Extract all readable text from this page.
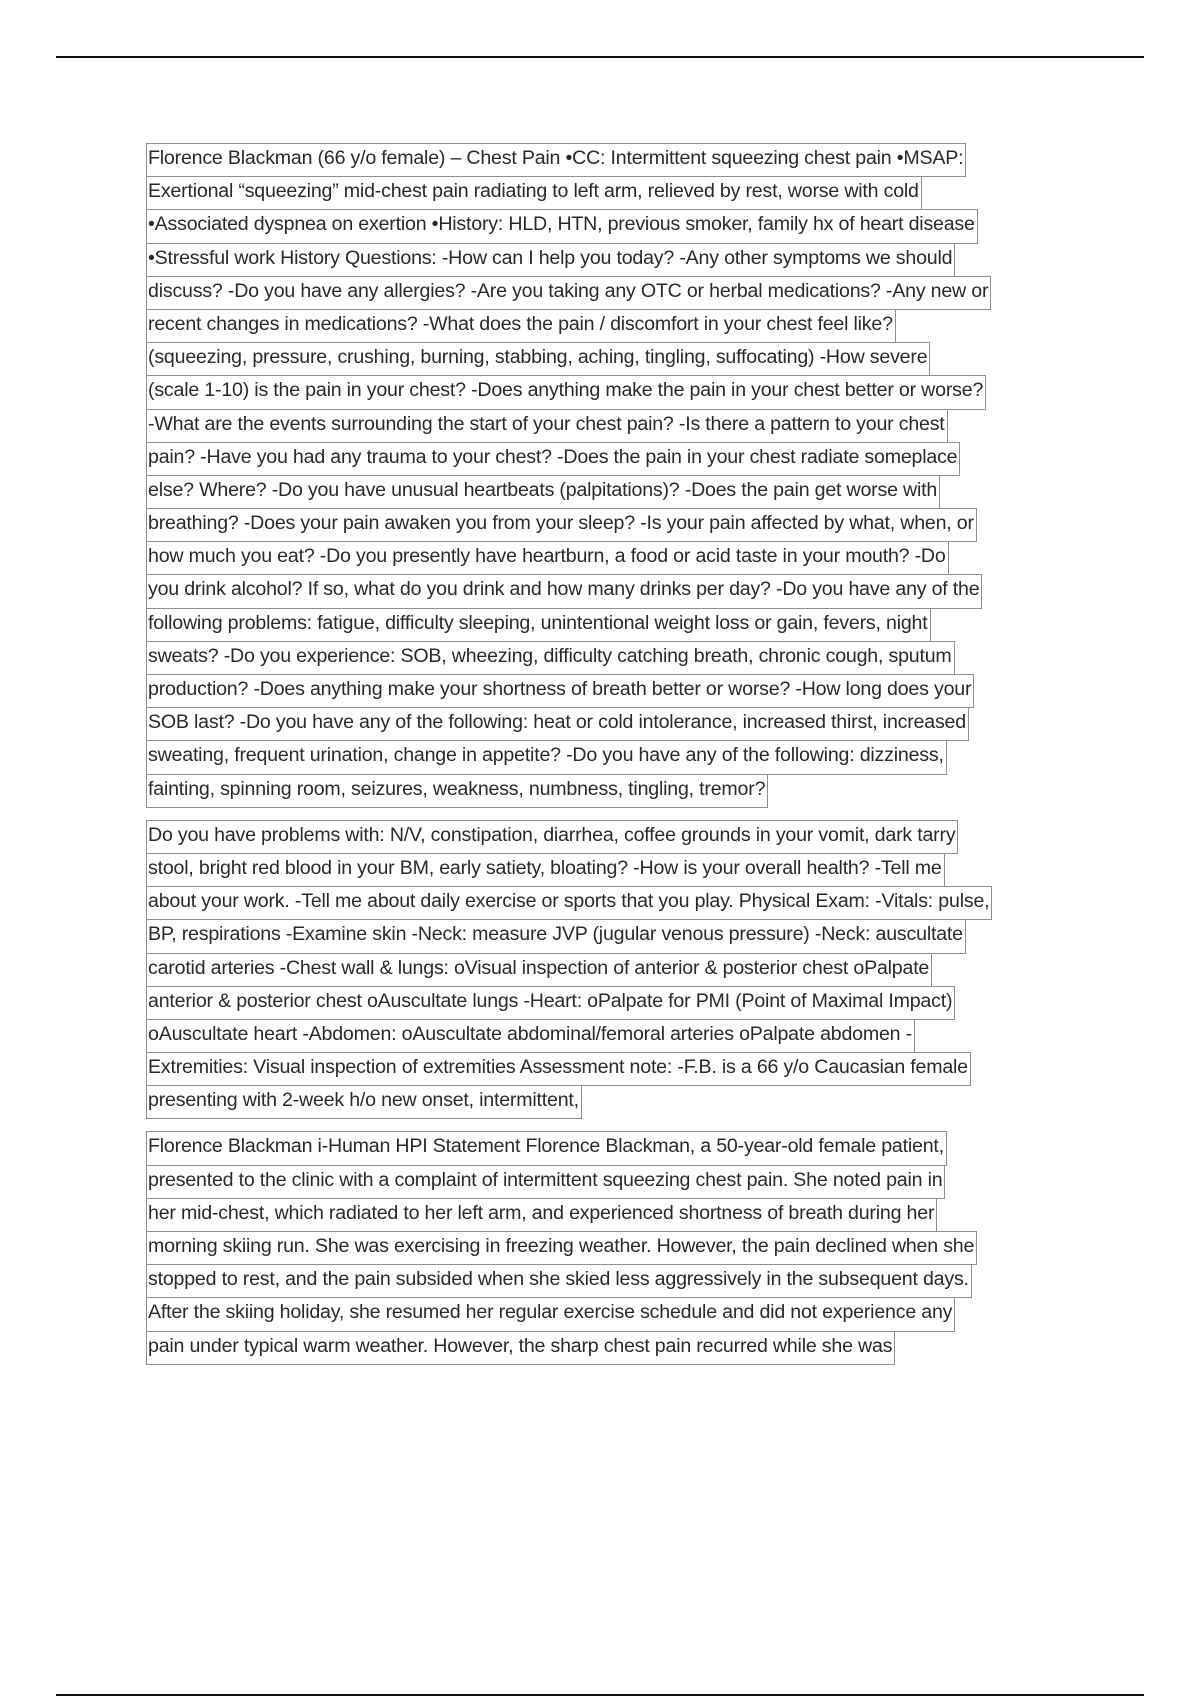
Florence Blackman (66 y/o female) – Chest Pain •CC: Intermittent squeezing chest pain •MSAP:
Exertional “squeezing” mid-chest pain radiating to left arm, relieved by rest, worse with cold
•Associated dyspnea on exertion •History: HLD, HTN, previous smoker, family hx of heart disease
•Stressful work History Questions: -How can I help you today? -Any other symptoms we should
discuss? -Do you have any allergies? -Are you taking any OTC or herbal medications? -Any new or
recent changes in medications? -What does the pain / discomfort in your chest feel like?
(squeezing, pressure, crushing, burning, stabbing, aching, tingling, suffocating) -How severe
(scale 1-10) is the pain in your chest? -Does anything make the pain in your chest better or worse?
-What are the events surrounding the start of your chest pain? -Is there a pattern to your chest
pain? -Have you had any trauma to your chest? -Does the pain in your chest radiate someplace
else? Where? -Do you have unusual heartbeats (palpitations)? -Does the pain get worse with
breathing? -Does your pain awaken you from your sleep? -Is your pain affected by what, when, or
how much you eat? -Do you presently have heartburn, a food or acid taste in your mouth? -Do
you drink alcohol? If so, what do you drink and how many drinks per day? -Do you have any of the
following problems: fatigue, difficulty sleeping, unintentional weight loss or gain, fevers, night
sweats? -Do you experience: SOB, wheezing, difficulty catching breath, chronic cough, sputum
production? -Does anything make your shortness of breath better or worse? -How long does your
SOB last? -Do you have any of the following: heat or cold intolerance, increased thirst, increased
sweating, frequent urination, change in appetite? -Do you have any of the following: dizziness,
fainting, spinning room, seizures, weakness, numbness, tingling, tremor?
Do you have problems with: N/V, constipation, diarrhea, coffee grounds in your vomit, dark tarry
stool, bright red blood in your BM, early satiety, bloating? -How is your overall health? -Tell me
about your work. -Tell me about daily exercise or sports that you play. Physical Exam: -Vitals: pulse,
BP, respirations -Examine skin -Neck: measure JVP (jugular venous pressure) -Neck: auscultate
carotid arteries -Chest wall & lungs: oVisual inspection of anterior & posterior chest oPalpate
anterior & posterior chest oAuscultate lungs -Heart: oPalpate for PMI (Point of Maximal Impact)
oAuscultate heart -Abdomen: oAuscultate abdominal/femoral arteries oPalpate abdomen -
Extremities: Visual inspection of extremities Assessment note: -F.B. is a 66 y/o Caucasian female
presenting with 2-week h/o new onset, intermittent,
Florence Blackman i-Human HPI Statement Florence Blackman, a 50-year-old female patient,
presented to the clinic with a complaint of intermittent squeezing chest pain. She noted pain in
her mid-chest, which radiated to her left arm, and experienced shortness of breath during her
morning skiing run. She was exercising in freezing weather. However, the pain declined when she
stopped to rest, and the pain subsided when she skied less aggressively in the subsequent days.
After the skiing holiday, she resumed her regular exercise schedule and did not experience any
pain under typical warm weather. However, the sharp chest pain recurred while she was
